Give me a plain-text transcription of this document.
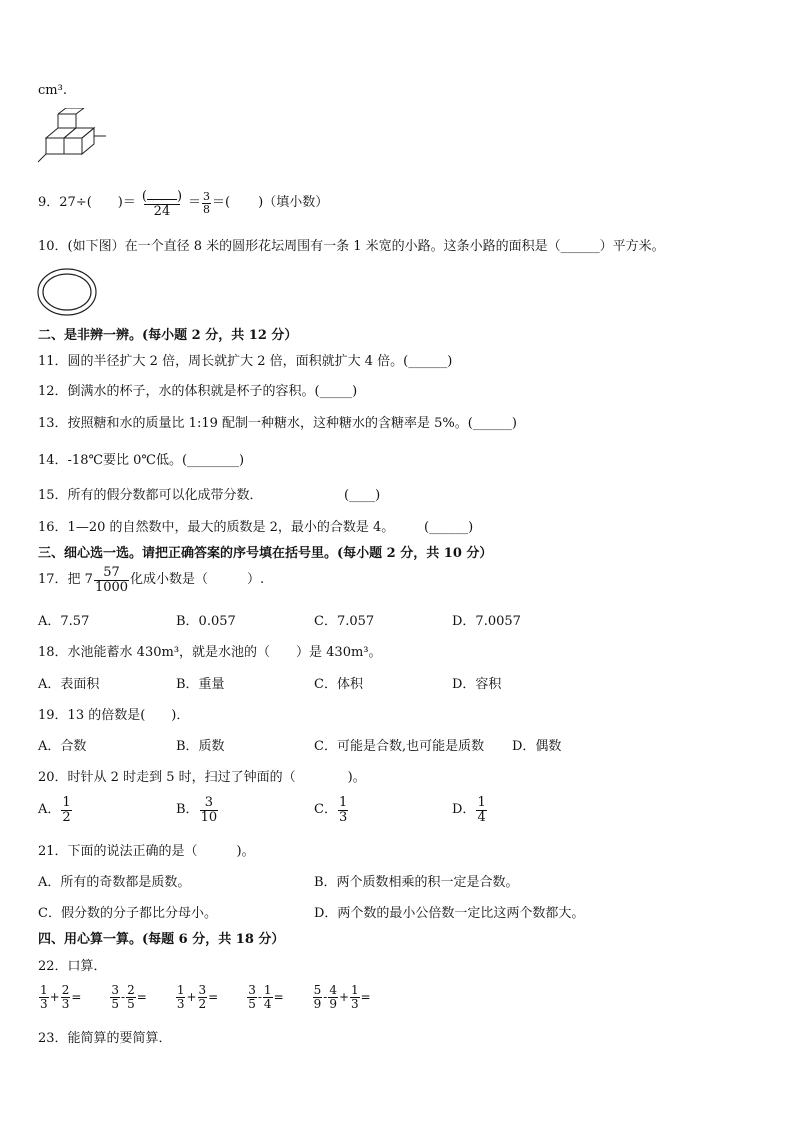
cm³.
9． 27÷( )＝ $\frac{( )}{24} = \frac{3}{8}$ ＝( )（填小数）
10．(如下图）在一个直径 8 米的圆形花坛周围有一条 1 米宽的小路。这条小路的面积是（______）平方米。
二、是非辨一辨。(每小题 2 分，共 12 分）
11．圆的半径扩大 2 倍，周长就扩大 2 倍，面积就扩大 4 倍。(______)
12．倒满水的杯子，水的体积就是杯子的容积。(_____)
13．按照糖和水的质量比 1:19 配制一种糖水，这种糖水的含糖率是 5%。(______)
14．-18℃要比 0℃低。(________)
15．所有的假分数都可以化成带分数．	(____)
16．1—20 的自然数中，最大的质数是 2，最小的合数是 4。 (______)
三、细心选一选。请把正确答案的序号填在括号里。(每小题 2 分，共 10 分）
17．把 $7 \frac{57}{1000}$ 化成小数是（　　　）.
A．7.57	B．0.057	C．7.057	D．7.0057
18．水池能蓄水 430m³，就是水池的（　　）是 430m³。
A．表面积	B．重量	C．体积	D．容积
19．13 的倍数是(　　)．
A．合数	B．质数	C．可能是合数,也可能是质数 D．偶数
20．时针从 2 时走到 5 时，扫过了钟面的（　　　　)。
A． $\frac{1}{2}$	B． $\frac{3}{10}$	C． $\frac{1}{3}$	D． $\frac{1}{4}$
21．下面的说法正确的是（　　　)。
A．所有的奇数都是质数。	B．两个质数相乘的积一定是合数。
C．假分数的分子都比分母小。	D．两个数的最小公倍数一定比这两个数都大。
四、用心算一算。(每题 6 分，共 18 分）
22．口算．
$\frac{1}{3} + \frac{2}{3} = \frac{3}{5} - \frac{2}{5} = \frac{1}{3} + \frac{3}{2} = \frac{3}{5} - \frac{1}{4} = \frac{5}{9} - \frac{4}{9} + \frac{1}{3}$ =
23．能简算的要简算．
